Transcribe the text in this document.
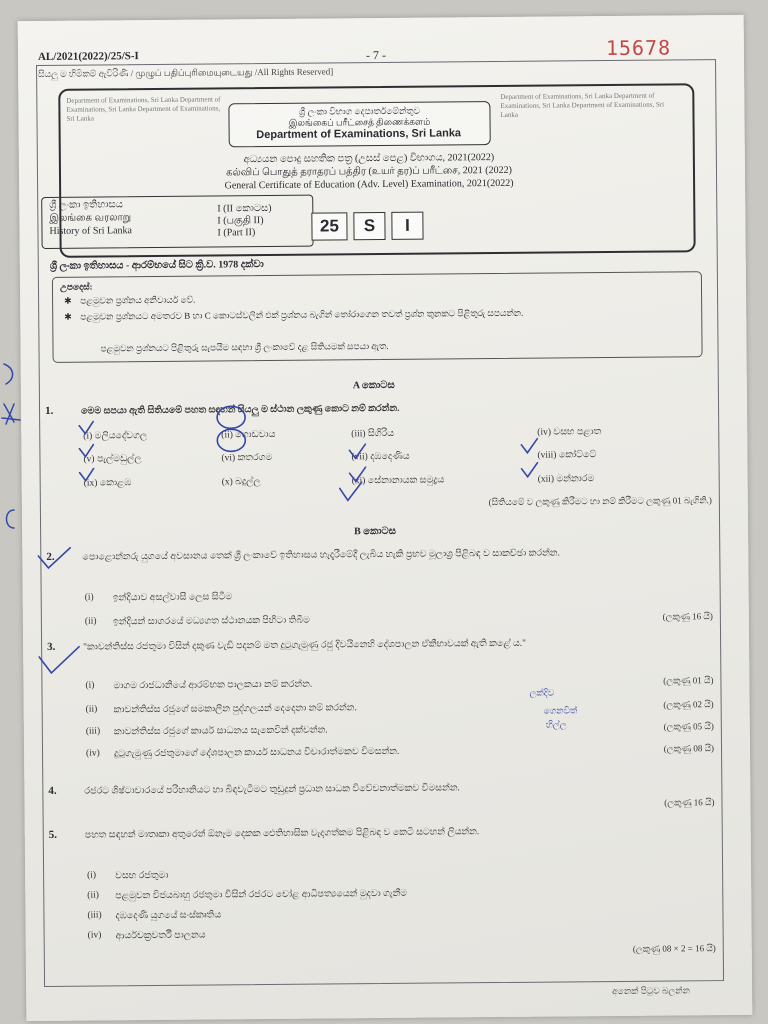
AL/2021(2022)/25/S-I	- 7 -	15678
සියලු ම හිමිකම් ඇවිරිණි / முழுப் பதிப்புரிமையுடையது /All Rights Reserved]
Department of Examinations, Sri Lanka Department of Examinations, Sri Lanka Department of Examinations, Sri Lanka
Department of Examinations, Sri Lanka Department of Examinations, Sri Lanka Department of Examinations, Sri Lanka
ශ්‍රී ලංකා විභාග දෙපාර්තමේන්තුව
இலங்கைப் பரீட்சைத் திணைக்களம்
Department of Examinations, Sri Lanka
අධ්‍යයන පොදු සහතික පත්‍ර (උසස් පෙළ) විභාගය, 2021(2022)
கல்விப் பொதுத் தராதரப் பத்திர (உயர் தர)ப் பரீட்சை, 2021 (2022)
General Certificate of Education (Adv. Level) Examination, 2021(2022)
ශ්‍රී ලංකා ඉතිහාසය
இலங்கை வரலாறு
History of Sri Lanka
I (II කොටස)
I (பகுதி II)
I (Part II)	25	S	I
ශ්‍රී ලංකා ඉතිහාසය - ආරම්භයේ සිට ක්‍රි.ව. 1978 දක්වා
උපදෙස්:
✱ පළමුවන ප්‍රශ්නය අනිවාර්ය වේ.
✱ පළමුවන ප්‍රශ්නයට අමතරව B හා C කොටස්වලින් එක් ප්‍රශ්නය බැගින් තෝරාගෙන තවත් ප්‍රශ්න තුනකට පිළිතුරු සපයන්න.
පළමුවන ප්‍රශ්නයට පිළිතුරු සැපයීම සඳහා ශ්‍රී ලංකාවේ දළ සිතියමක් සපයා ඇත.
A කොටස
1.	මෙම සපයා ඇති සිතියමේ පහත සඳහන් සියලු ම ස්ථාන ලකුණු කොට නම් කරන්න.
(i) මලියදේවගල	(ii) ගොඩවාය	(iii) සිගිරිය	(iv) වසභ පළාත
(v) පැල්මඩුල්ල	(vi) කතරගම	(vii) දඹදෙණිය	(viii) කෝට්ටේ
(ix) කොළඹ	(x) බදුල්ල	(xi) සේනානායක සමුද්‍රය	(xii) මන්නාරම
(සිතියමේ ව ලකුණු කිරීමට හා නම් කිරීමට ලකුණු 01 බැගිනි.)
B කොටස
2.	පොළොන්නරු යුගයේ අවසානය තෙක් ශ්‍රී ලංකාවේ ඉතිහාසය හැදෑරීමේදී ලැබිය හැකි ප්‍රභව මූලාශ්‍ර පිළිබඳ ව සාකච්ඡා කරන්න.
(i) ඉන්දියාව අසල්වාසී ලෙස සිටීම
(ii) ඉන්දියන් සාගරයේ මධ්‍යගත ස්ථානයක පිහිටා තිබීම	(ලකුණු 16 යි)
3.	"කාවන්තිස්ස රජතුමා විසින් දකුණ වැඩි පදනම් මත දුටුගැමුණු රජු දිවයිනෙහි දේශපාලන ඒකීභාවයක් ඇති කළේ ය."
(i) මාගම රාජධානියේ ආරම්භක පාලකයා නම් කරන්න.	(ලකුණු 01 යි)
(ii) කාවන්තිස්ස රජුගේ සමකාලීන පුද්ගලයන් දෙදෙනා නම් කරන්න.	(ලකුණු 02 යි)
(iii) කාවන්තිස්ස රජුගේ කාර්ය සාධනය සැකෙවින් දක්වන්න.	(ලකුණු 05 යි)
(iv) දුටුගැමුණු රජතුමාගේ දේශපාලන කාර්ය සාධනය විචාරාත්මකව විමසන්න.	(ලකුණු 08 යි)
4.	රජරට ශිෂ්ටාචාරයේ පරිහානියට හා බිඳවැටීමට තුඩුදුන් ප්‍රධාන සාධක විවේචනාත්මකව විමසන්න.
(ලකුණු 16 යි)
5.	පහත සඳහන් මාතෘකා අතුරෙන් ඕනෑම දෙකක ඓතිහාසික වැදගත්කම පිළිබඳ ව කෙටි සටහන් ලියන්න.
(i) වසභ රජතුමා
(ii) පළමුවන විජයබාහු රජතුමා විසින් රජරට චෝළ ආධිපත්‍යයෙන් මුදවා ගැනීම
(iii) දඹදෙණි යුගයේ සංස්කෘතිය
(iv) ආර්යචක්‍රවර්තී පාලනය
(ලකුණු 08 × 2 = 16 යි)
අනෙක් පිටුව බලන්න
ලක්දිව
ගෙනවිත්
හිල්ල
